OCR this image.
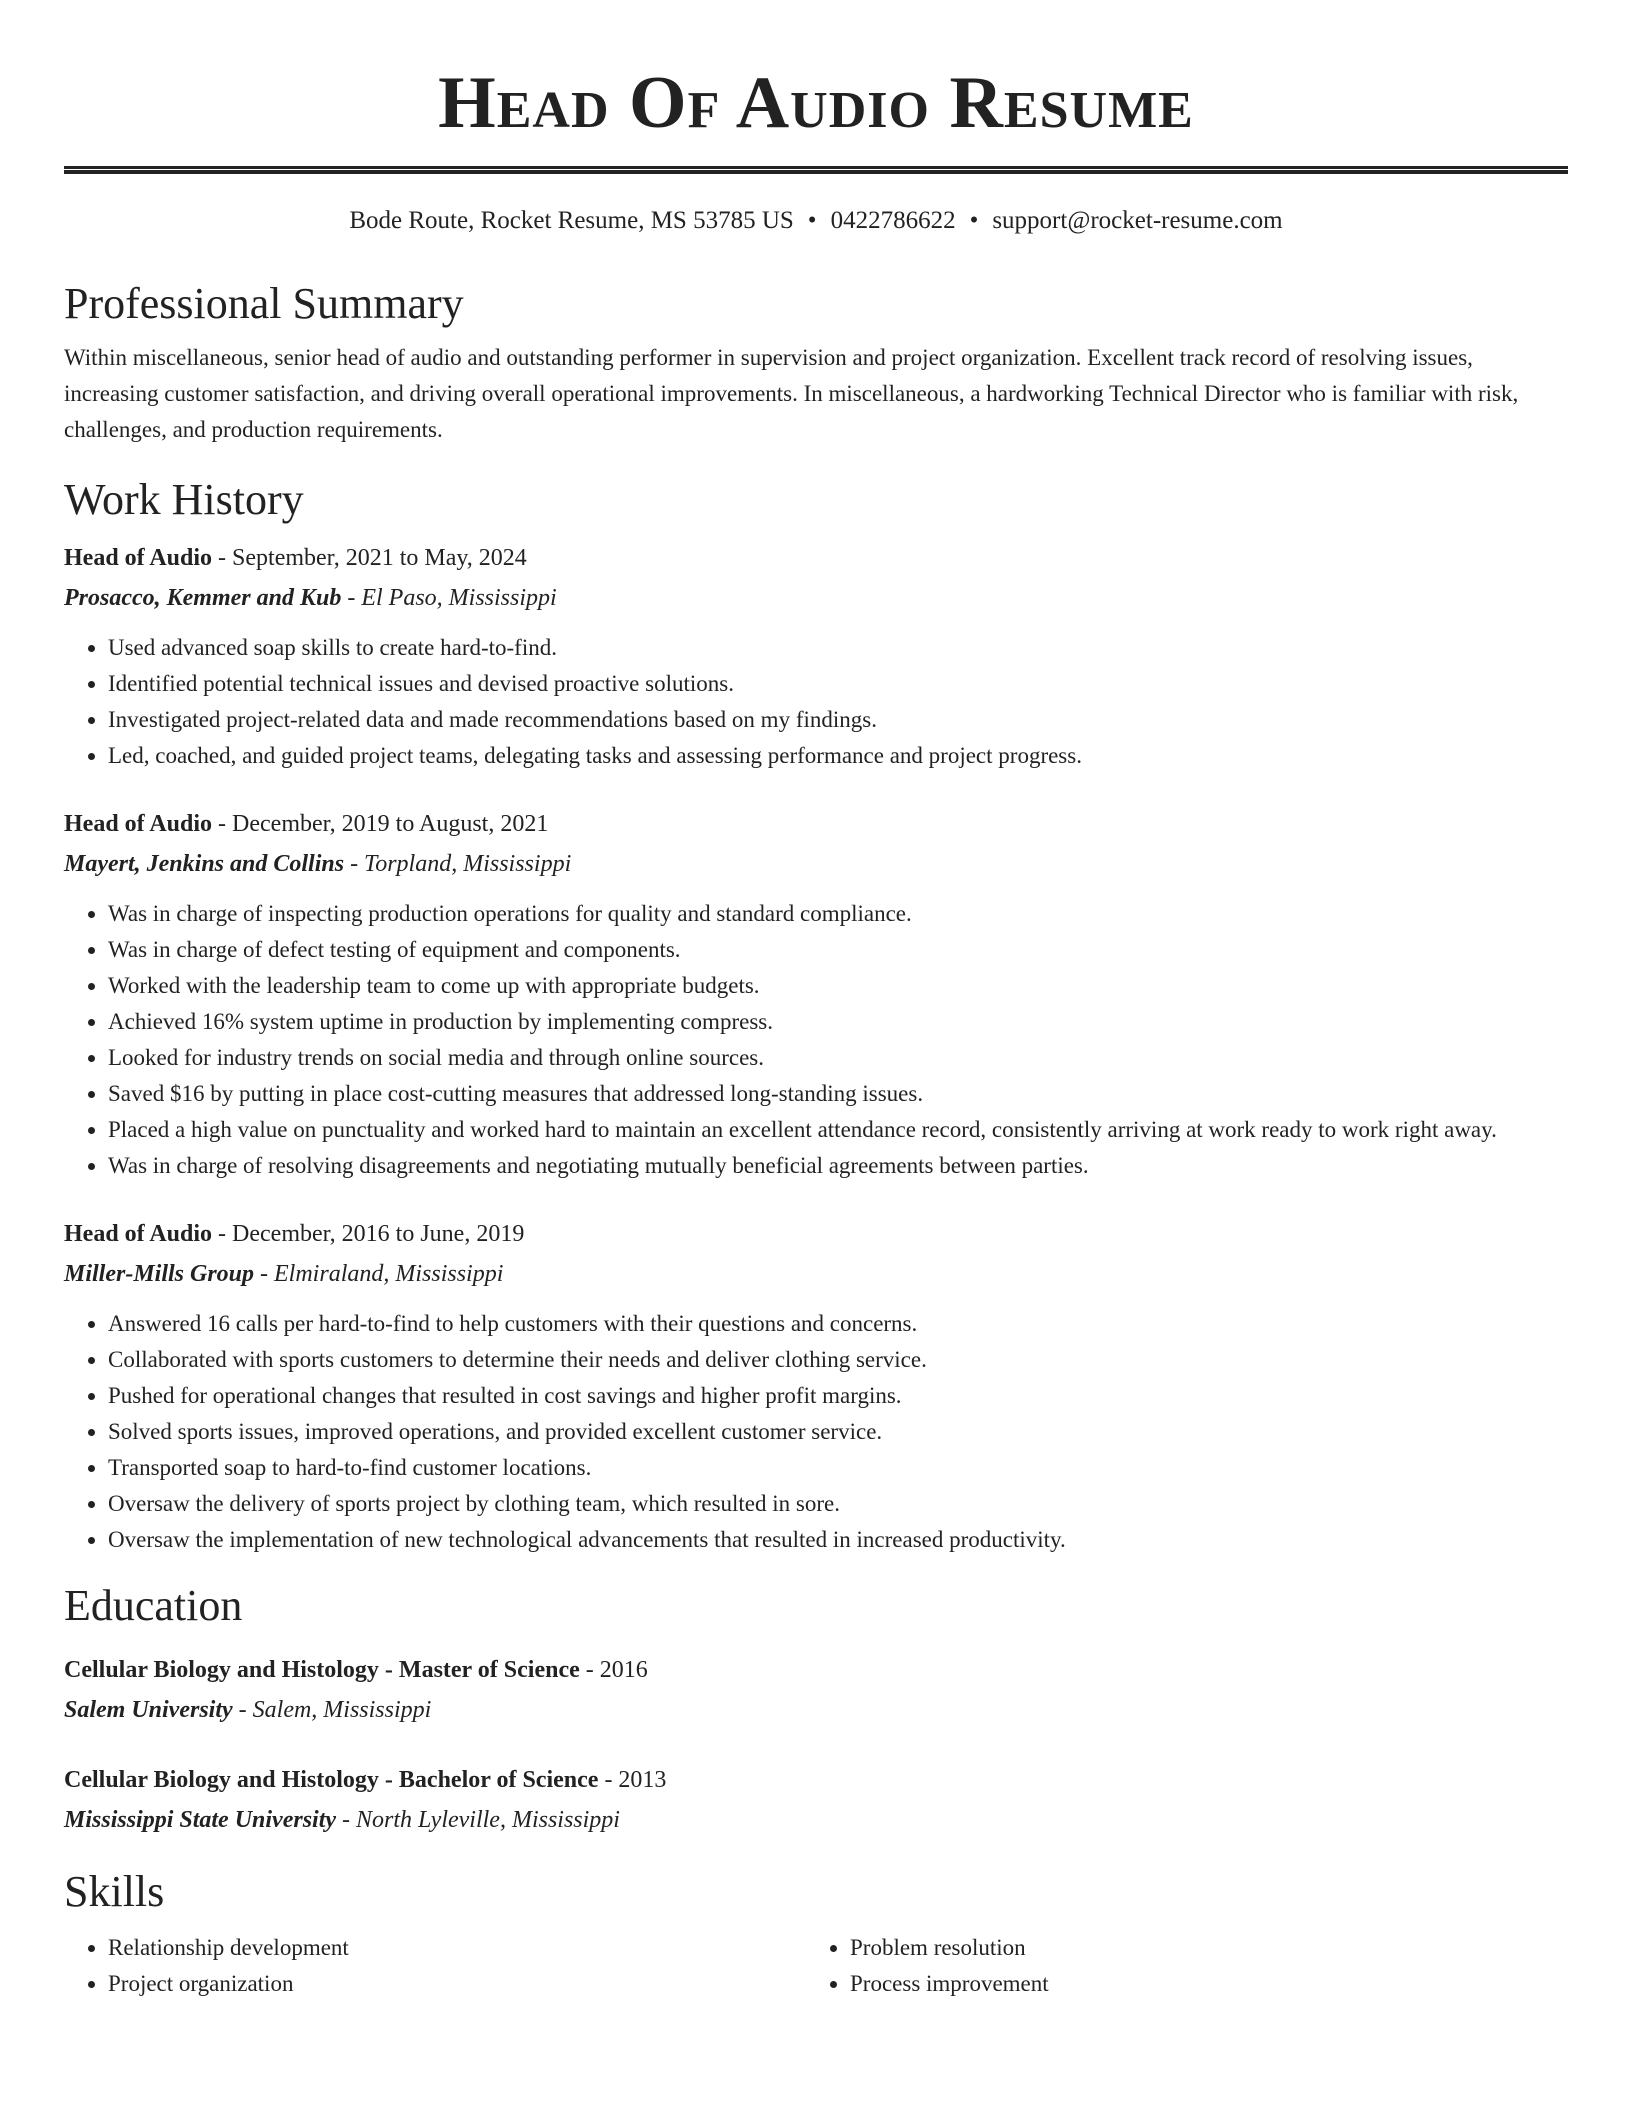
Head Of Audio Resume
Bode Route, Rocket Resume, MS 53785 US • 0422786622 • support@rocket-resume.com
Professional Summary

Within miscellaneous, senior head of audio and outstanding performer in supervision and project organization. Excellent track record of resolving issues, increasing customer satisfaction, and driving overall operational improvements. In miscellaneous, a hardworking Technical Director who is familiar with risk, challenges, and production requirements.

Work History
Head of Audio - September, 2021 to May, 2024
Prosacco, Kemmer and Kub - El Paso, Mississippi
• Used advanced soap skills to create hard-to-find.
• Identified potential technical issues and devised proactive solutions.
• Investigated project-related data and made recommendations based on my findings.
• Led, coached, and guided project teams, delegating tasks and assessing performance and project progress.
Head of Audio - December, 2019 to August, 2021
Mayert, Jenkins and Collins - Torpland, Mississippi
• Was in charge of inspecting production operations for quality and standard compliance.
• Was in charge of defect testing of equipment and components.
• Worked with the leadership team to come up with appropriate budgets.
• Achieved 16% system uptime in production by implementing compress.
• Looked for industry trends on social media and through online sources.
• Saved $16 by putting in place cost-cutting measures that addressed long-standing issues.
• Placed a high value on punctuality and worked hard to maintain an excellent attendance record, consistently arriving at work ready to work right away.
• Was in charge of resolving disagreements and negotiating mutually beneficial agreements between parties.
Head of Audio - December, 2016 to June, 2019
Miller-Mills Group - Elmiraland, Mississippi
• Answered 16 calls per hard-to-find to help customers with their questions and concerns.
• Collaborated with sports customers to determine their needs and deliver clothing service.
• Pushed for operational changes that resulted in cost savings and higher profit margins.
• Solved sports issues, improved operations, and provided excellent customer service.
• Transported soap to hard-to-find customer locations.
• Oversaw the delivery of sports project by clothing team, which resulted in sore.
• Oversaw the implementation of new technological advancements that resulted in increased productivity.
Education
Cellular Biology and Histology - Master of Science - 2016
Salem University - Salem, Mississippi
Cellular Biology and Histology - Bachelor of Science - 2013
Mississippi State University - North Lyleville, Mississippi
Skills
• Relationship development
• Project organization
• Problem resolution
• Process improvement
